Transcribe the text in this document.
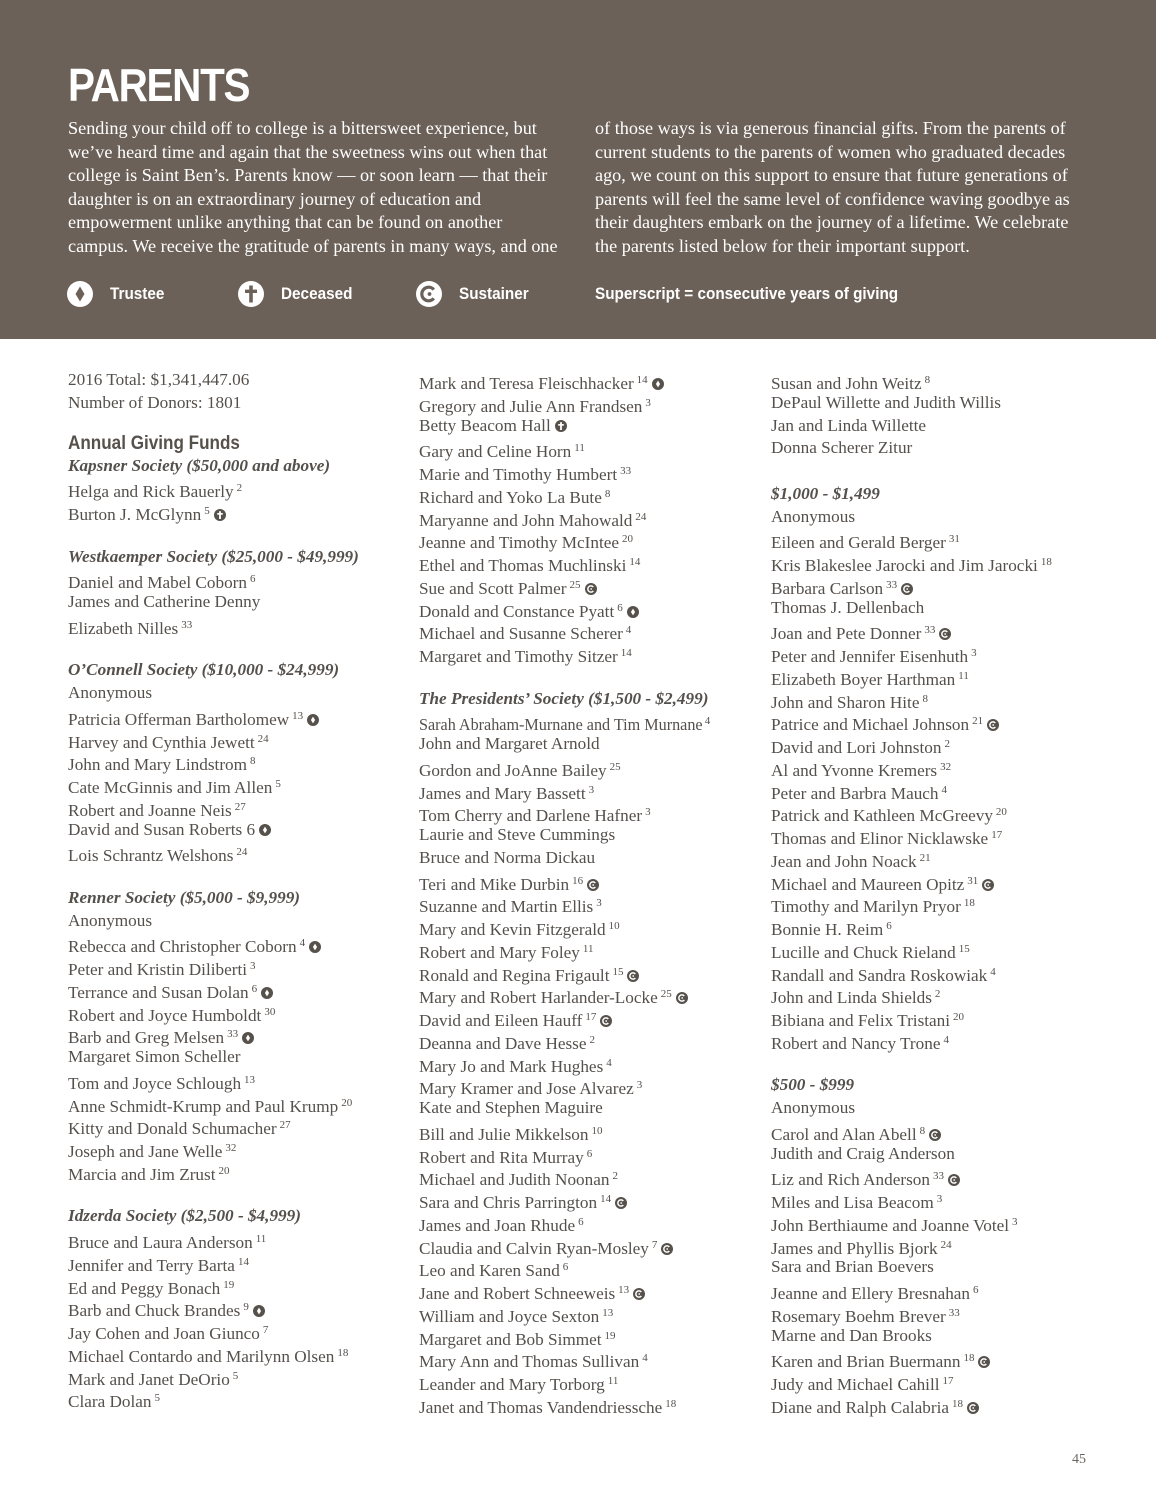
PARENTS
Sending your child off to college is a bittersweet experience, but
we’ve heard time and again that the sweetness wins out when that
college is Saint Ben’s. Parents know — or soon learn — that their
daughter is on an extraordinary journey of education and
empowerment unlike anything that can be found on another
campus. We receive the gratitude of parents in many ways, and one
of those ways is via generous financial gifts. From the parents of
current students to the parents of women who graduated decades
ago, we count on this support to ensure that future generations of
parents will feel the same level of confidence waving goodbye as
their daughters embark on the journey of a lifetime. We celebrate
the parents listed below for their important support.
Trustee	Deceased	Sustainer	Superscript = consecutive years of giving
2016 Total: $1,341,447.06
Number of Donors: 1801
Annual Giving Funds
Kapsner Society ($50,000 and above)
Helga and Rick Bauerly $^2$
Burton J. McGlynn $^5$
Westkaemper Society ($25,000 - $49,999)
Daniel and Mabel Coborn $^6$
James and Catherine Denny
Elizabeth Nilles $^{33}$
O’Connell Society ($10,000 - $24,999)
Anonymous
Patricia Offerman Bartholomew $^{13}$
Harvey and Cynthia Jewett $^{24}$
John and Mary Lindstrom $^8$
Cate McGinnis and Jim Allen $^5$
Robert and Joanne Neis $^{27}$
David and Susan Roberts 6
Lois Schrantz Welshons $^{24}$
Renner Society ($5,000 - $9,999)
Anonymous
Rebecca and Christopher Coborn $^4$
Peter and Kristin Diliberti $^3$
Terrance and Susan Dolan $^6$
Robert and Joyce Humboldt $^{30}$
Barb and Greg Melsen $^{33}$
Margaret Simon Scheller
Tom and Joyce Schlough $^{13}$
Anne Schmidt-Krump and Paul Krump $^{20}$
Kitty and Donald Schumacher $^{27}$
Joseph and Jane Welle $^{32}$
Marcia and Jim Zrust $^{20}$
Idzerda Society ($2,500 - $4,999)
Bruce and Laura Anderson $^{11}$
Jennifer and Terry Barta $^{14}$
Ed and Peggy Bonach $^{19}$
Barb and Chuck Brandes $^9$
Jay Cohen and Joan Giunco $^7$
Michael Contardo and Marilynn Olsen $^{18}$
Mark and Janet DeOrio $^5$
Clara Dolan $^5$
Mark and Teresa Fleischhacker $^{14}$
Gregory and Julie Ann Frandsen $^3$
Betty Beacom Hall
Gary and Celine Horn $^{11}$
Marie and Timothy Humbert $^{33}$
Richard and Yoko La Bute $^8$
Maryanne and John Mahowald $^{24}$
Jeanne and Timothy McIntee $^{20}$
Ethel and Thomas Muchlinski $^{14}$
Sue and Scott Palmer $^{25}$
Donald and Constance Pyatt $^6$
Michael and Susanne Scherer $^4$
Margaret and Timothy Sitzer $^{14}$
The Presidents’ Society ($1,500 - $2,499)
Sarah Abraham-Murnane and Tim Murnane $^4$
John and Margaret Arnold
Gordon and JoAnne Bailey $^{25}$
James and Mary Bassett $^3$
Tom Cherry and Darlene Hafner $^3$
Laurie and Steve Cummings
Bruce and Norma Dickau
Teri and Mike Durbin $^{16}$
Suzanne and Martin Ellis $^3$
Mary and Kevin Fitzgerald $^{10}$
Robert and Mary Foley $^{11}$
Ronald and Regina Frigault $^{15}$
Mary and Robert Harlander-Locke $^{25}$
David and Eileen Hauff $^{17}$
Deanna and Dave Hesse $^2$
Mary Jo and Mark Hughes $^4$
Mary Kramer and Jose Alvarez $^3$
Kate and Stephen Maguire
Bill and Julie Mikkelson $^{10}$
Robert and Rita Murray $^6$
Michael and Judith Noonan $^2$
Sara and Chris Parrington $^{14}$
James and Joan Rhude $^6$
Claudia and Calvin Ryan-Mosley $^7$
Leo and Karen Sand $^6$
Jane and Robert Schneeweis $^{13}$
William and Joyce Sexton $^{13}$
Margaret and Bob Simmet $^{19}$
Mary Ann and Thomas Sullivan $^4$
Leander and Mary Torborg $^{11}$
Janet and Thomas Vandendriessche $^{18}$
Susan and John Weitz $^8$
DePaul Willette and Judith Willis
Jan and Linda Willette
Donna Scherer Zitur
$1,000 - $1,499
Anonymous
Eileen and Gerald Berger $^{31}$
Kris Blakeslee Jarocki and Jim Jarocki $^{18}$
Barbara Carlson $^{33}$
Thomas J. Dellenbach
Joan and Pete Donner $^{33}$
Peter and Jennifer Eisenhuth $^3$
Elizabeth Boyer Harthman $^{11}$
John and Sharon Hite $^8$
Patrice and Michael Johnson $^{21}$
David and Lori Johnston $^2$
Al and Yvonne Kremers $^{32}$
Peter and Barbra Mauch $^4$
Patrick and Kathleen McGreevy $^{20}$
Thomas and Elinor Nicklawske $^{17}$
Jean and John Noack $^{21}$
Michael and Maureen Opitz $^{31}$
Timothy and Marilyn Pryor $^{18}$
Bonnie H. Reim $^6$
Lucille and Chuck Rieland $^{15}$
Randall and Sandra Roskowiak $^4$
John and Linda Shields $^2$
Bibiana and Felix Tristani $^{20}$
Robert and Nancy Trone $^4$
$500 - $999
Anonymous
Carol and Alan Abell $^8$
Judith and Craig Anderson
Liz and Rich Anderson $^{33}$
Miles and Lisa Beacom $^3$
John Berthiaume and Joanne Votel $^3$
James and Phyllis Bjork $^{24}$
Sara and Brian Boevers
Jeanne and Ellery Bresnahan $^6$
Rosemary Boehm Brever $^{33}$
Marne and Dan Brooks
Karen and Brian Buermann $^{18}$
Judy and Michael Cahill $^{17}$
Diane and Ralph Calabria $^{18}$
45
